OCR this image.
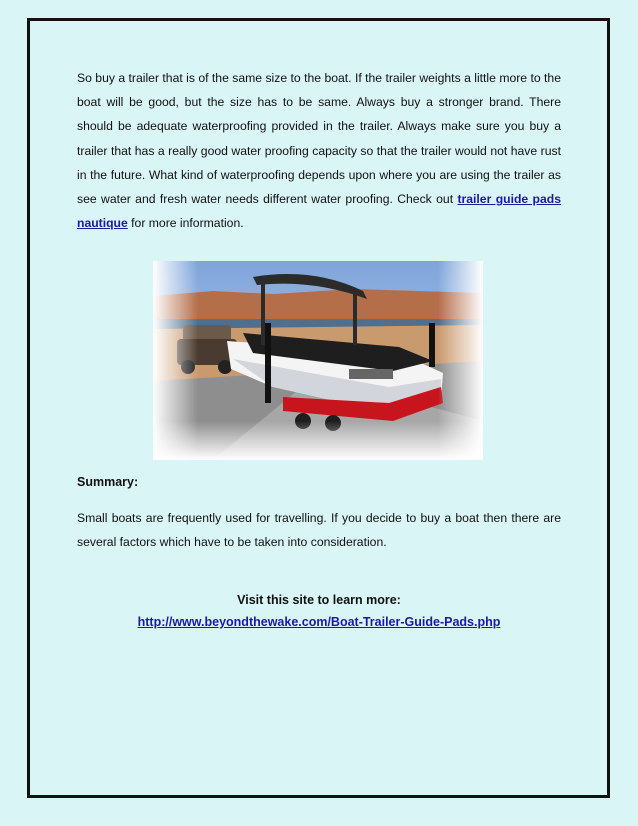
So buy a trailer that is of the same size to the boat. If the trailer weights a little more to the boat will be good, but the size has to be same. Always buy a stronger brand. There should be adequate waterproofing provided in the trailer. Always make sure you buy a trailer that has a really good water proofing capacity so that the trailer would not have rust in the future. What kind of waterproofing depends upon where you are using the trailer as see water and fresh water needs different water proofing. Check out trailer guide pads nautique for more information.

Summary:

Small boats are frequently used for travelling. If you decide to buy a boat then there are several factors which have to be taken into consideration.

Visit this site to learn more:
http://www.beyondthewake.com/Boat-Trailer-Guide-Pads.php
